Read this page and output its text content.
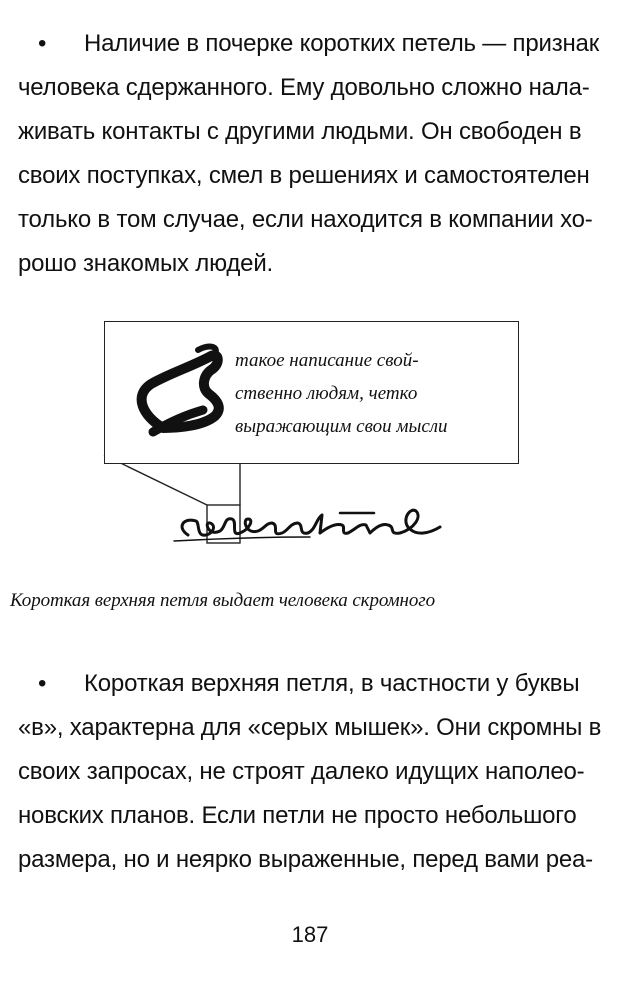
• Наличие в почерке коротких петель — признак
человека сдержанного. Ему довольно сложно нала-
живать контакты с другими людьми. Он свободен в
своих поступках, смел в решениях и самостоятелен
только в том случае, если находится в компании хо-
рошо знакомых людей.
такое написание свой-
ственно людям, четко
выражающим свои мысли
Короткая верхняя петля выдает человека скромного
• Короткая верхняя петля, в частности у буквы
«в», характерна для «серых мышек». Они скромны в
своих запросах, не строят далеко идущих наполео-
новских планов. Если петли не просто небольшого
размера, но и неярко выраженные, перед вами реа-
187
